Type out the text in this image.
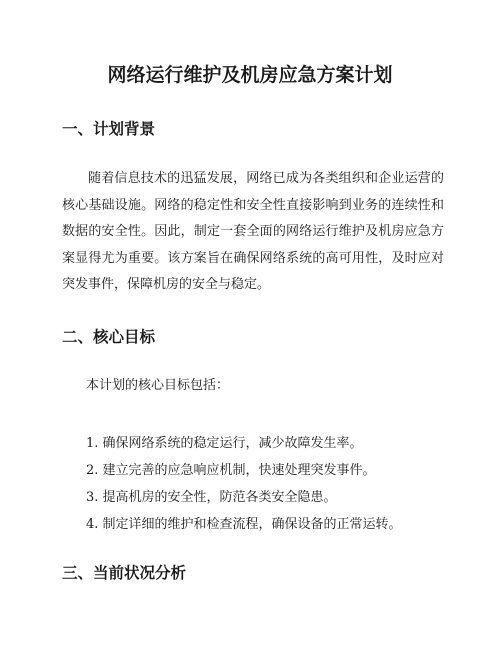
网络运行维护及机房应急方案计划
一、计划背景

随着信息技术的迅猛发展，网络已成为各类组织和企业运营的核心基础设施。网络的稳定性和安全性直接影响到业务的连续性和数据的安全性。因此，制定一套全面的网络运行维护及机房应急方案显得尤为重要。该方案旨在确保网络系统的高可用性，及时应对突发事件，保障机房的安全与稳定。

二、核心目标

本计划的核心目标包括：

1. 确保网络系统的稳定运行，减少故障发生率。
2. 建立完善的应急响应机制，快速处理突发事件。
3. 提高机房的安全性，防范各类安全隐患。
4. 制定详细的维护和检查流程，确保设备的正常运转。
三、当前状况分析
